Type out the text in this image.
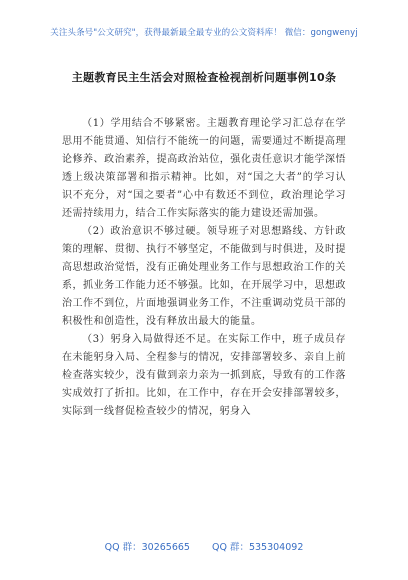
关注头条号"公文研究"，获得最新最全最专业的公文资料库！ 微信：gongwenyj
主题教育民主生活会对照检查检视剖析问题事例10条

（1）学用结合不够紧密。主题教育理论学习汇总存在学思用不能贯通、知信行不能统一的问题，需要通过不断提高理论修养、政治素养，提高政治站位，强化责任意识才能学深悟透上级决策部署和指示精神。比如，对“国之大者”的学习认识不充分，对“国之要者”心中有数还不到位，政治理论学习还需持续用力，结合工作实际落实的能力建设还需加强。

（2）政治意识不够过硬。领导班子对思想路线、方针政策的理解、贯彻、执行不够坚定，不能做到与时俱进，及时提高思想政治觉悟，没有正确处理业务工作与思想政治工作的关系，抓业务工作能力还不够强。比如，在开展学习中，思想政治工作不到位，片面地强调业务工作，不注重调动党员干部的积极性和创造性，没有释放出最大的能量。

（3）躬身入局做得还不足。在实际工作中，班子成员存在未能躬身入局、全程参与的情况，安排部署较多、亲自上前检查落实较少，没有做到亲力亲为一抓到底，导致有的工作落实成效打了折扣。比如，在工作中，存在开会安排部署较多，实际到一线督促检查较少的情况，躬身入

QQ 群：30265665 QQ 群：535304092
